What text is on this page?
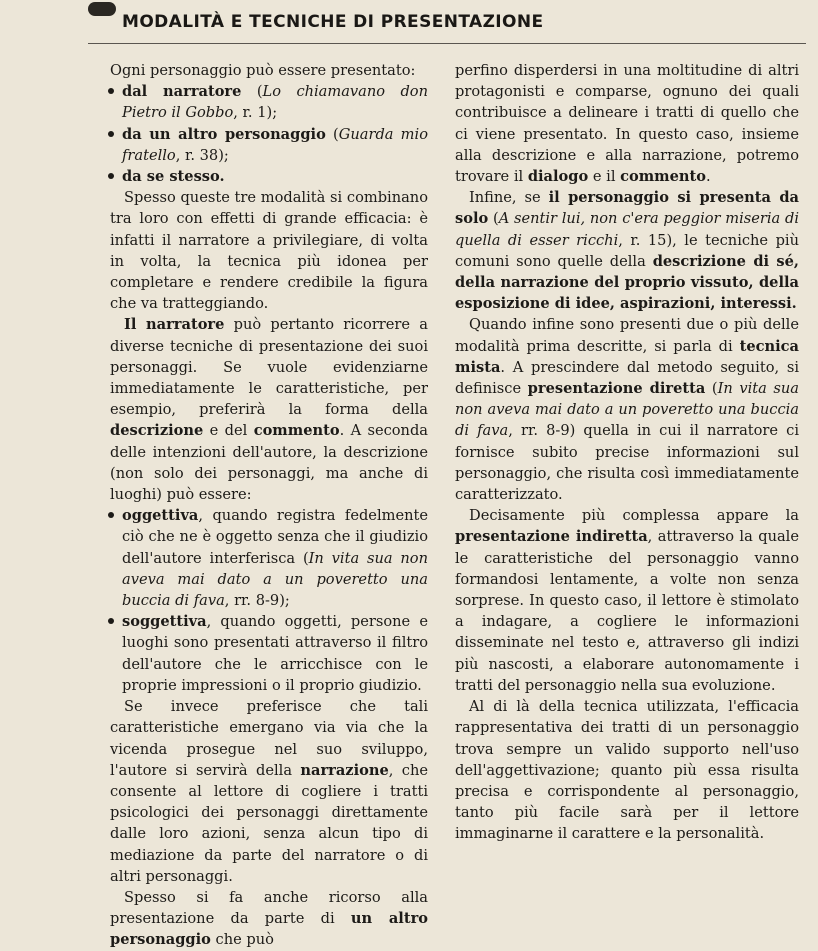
MODALITÀ E TECNICHE DI PRESENTAZIONE

Ogni personaggio può essere presentato:

dal narratore (Lo chiamavano don Pietro il Gobbo, r. 1);
da un altro personaggio (Guarda mio fratello, r. 38);
da se stesso.

Spesso queste tre modalità si combinano tra loro con effetti di grande efficacia: è infatti il narratore a privilegiare, di volta in volta, la tecnica più idonea per completare e rendere credibile la figura che va tratteggiando.

Il narratore può pertanto ricorrere a diverse tecniche di presentazione dei suoi personaggi. Se vuole evidenziarne immediatamente le caratteristiche, per esempio, preferirà la forma della descrizione e del commento. A seconda delle intenzioni dell'autore, la descrizione (non solo dei personaggi, ma anche di luoghi) può essere:

oggettiva, quando registra fedelmente ciò che ne è oggetto senza che il giudizio dell'autore interferisca (In vita sua non aveva mai dato a un poveretto una buccia di fava, rr. 8-9);
soggettiva, quando oggetti, persone e luoghi sono presentati attraverso il filtro dell'autore che le arricchisce con le proprie impressioni o il proprio giudizio.

Se invece preferisce che tali caratteristiche emergano via via che la vicenda prosegue nel suo sviluppo, l'autore si servirà della narrazione, che consente al lettore di cogliere i tratti psicologici dei personaggi direttamente dalle loro azioni, senza alcun tipo di mediazione da parte del narratore o di altri personaggi.

Spesso si fa anche ricorso alla presentazione da parte di un altro personaggio che può

perfino disperdersi in una moltitudine di altri protagonisti e comparse, ognuno dei quali contribuisce a delineare i tratti di quello che ci viene presentato. In questo caso, insieme alla descrizione e alla narrazione, potremo trovare il dialogo e il commento.

Infine, se il personaggio si presenta da solo (A sentir lui, non c'era peggior miseria di quella di esser ricchi, r. 15), le tecniche più comuni sono quelle della descrizione di sé, della narrazione del proprio vissuto, della esposizione di idee, aspirazioni, interessi.

Quando infine sono presenti due o più delle modalità prima descritte, si parla di tecnica mista. A prescindere dal metodo seguito, si definisce presentazione diretta (In vita sua non aveva mai dato a un poveretto una buccia di fava, rr. 8-9) quella in cui il narratore ci fornisce subito precise informazioni sul personaggio, che risulta così immediatamente caratterizzato.

Decisamente più complessa appare la presentazione indiretta, attraverso la quale le caratteristiche del personaggio vanno formandosi lentamente, a volte non senza sorprese. In questo caso, il lettore è stimolato a indagare, a cogliere le informazioni disseminate nel testo e, attraverso gli indizi più nascosti, a elaborare autonomamente i tratti del personaggio nella sua evoluzione.

Al di là della tecnica utilizzata, l'efficacia rappresentativa dei tratti di un personaggio trova sempre un valido supporto nell'uso dell'aggettivazione; quanto più essa risulta precisa e corrispondente al personaggio, tanto più facile sarà per il lettore immaginarne il carattere e la personalità.
